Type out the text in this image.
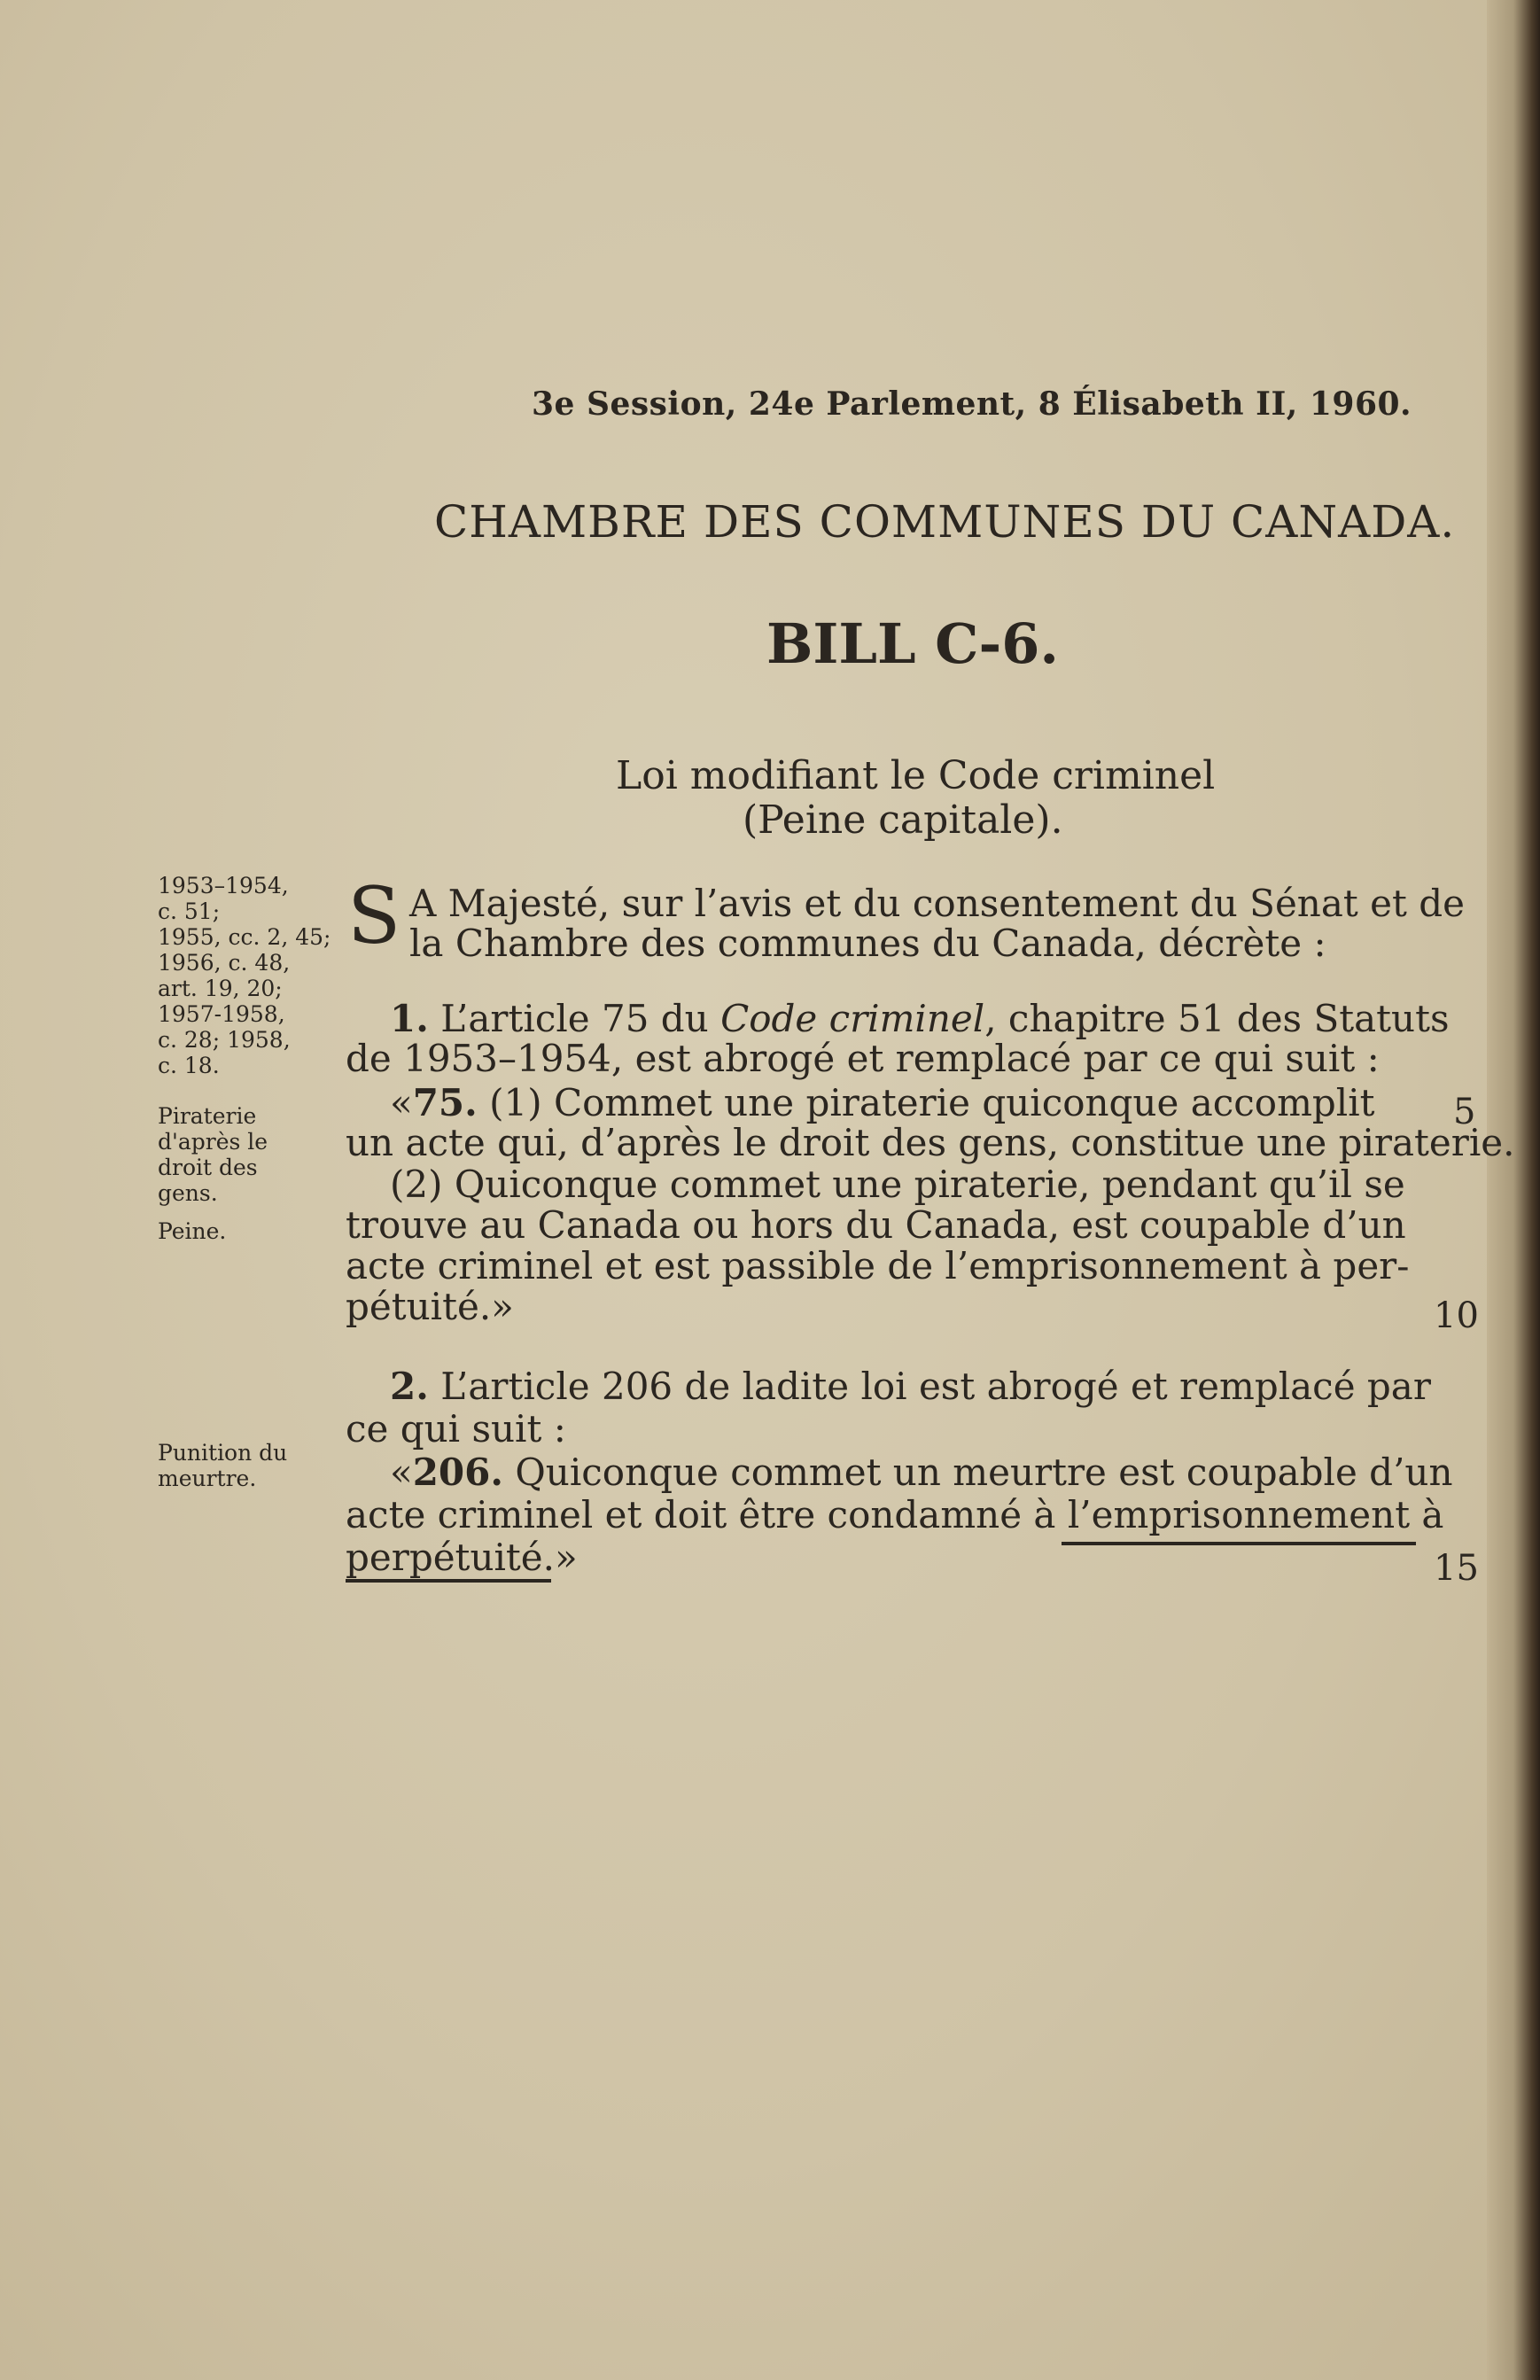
3e Session, 24e Parlement, 8 Élisabeth II, 1960.
CHAMBRE DES COMMUNES DU CANADA.
BILL C-6.
Loi modifiant le Code criminel
(Peine capitale).
1953–1954,
c. 51;
1955, cc. 2, 45;
1956, c. 48,
art. 19, 20;
1957-1958,
c. 28; 1958,
c. 18.
Piraterie
d'après le
droit des
gens.
Peine.
Punition du
meurtre.
S A Majesté, sur l’avis et du consentement du Sénat et de
la Chambre des communes du Canada, décrète :
1. L’article 75 du Code criminel, chapitre 51 des Statuts
de 1953–1954, est abrogé et remplacé par ce qui suit :
«75. (1) Commet une piraterie quiconque accomplit 5
un acte qui, d’après le droit des gens, constitue une piraterie.
(2) Quiconque commet une piraterie, pendant qu’il se
trouve au Canada ou hors du Canada, est coupable d’un
acte criminel et est passible de l’emprisonnement à per-
pétuité.»	10
2. L’article 206 de ladite loi est abrogé et remplacé par
ce qui suit :
«206. Quiconque commet un meurtre est coupable d’un
acte criminel et doit être condamné à l’emprisonnement à
perpétuité.»	15
